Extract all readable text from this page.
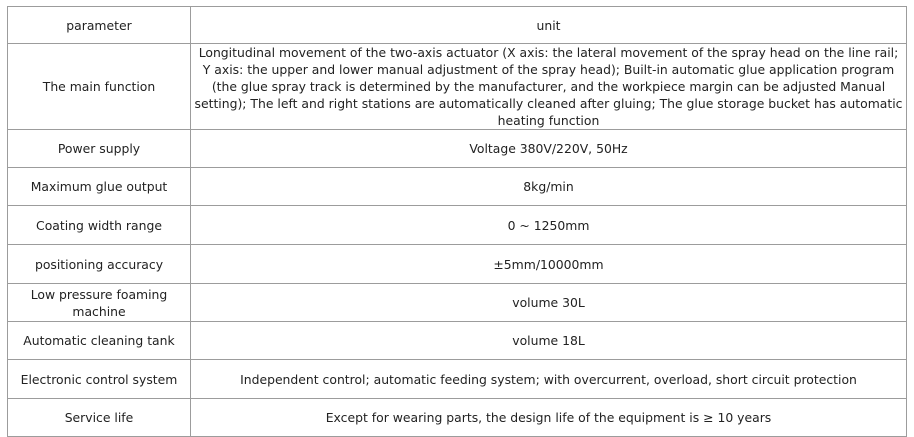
parameter	unit
The main function	Longitudinal movement of the two-axis actuator (X axis: the lateral movement of the spray head on the line rail; Y axis: the upper and lower manual adjustment of the spray head); Built-in automatic glue application program (the glue spray track is determined by the manufacturer, and the workpiece margin can be adjusted Manual setting); The left and right stations are automatically cleaned after gluing; The glue storage bucket has automatic heating function
Power supply	Voltage 380V/220V, 50Hz
Maximum glue output	8kg/min
Coating width range	0 ~ 1250mm
positioning accuracy	±5mm/10000mm
Low pressure foaming machine	volume 30L
Automatic cleaning tank	volume 18L
Electronic control system	Independent control; automatic feeding system; with overcurrent, overload, short circuit protection
Service life	Except for wearing parts, the design life of the equipment is ≥ 10 years
